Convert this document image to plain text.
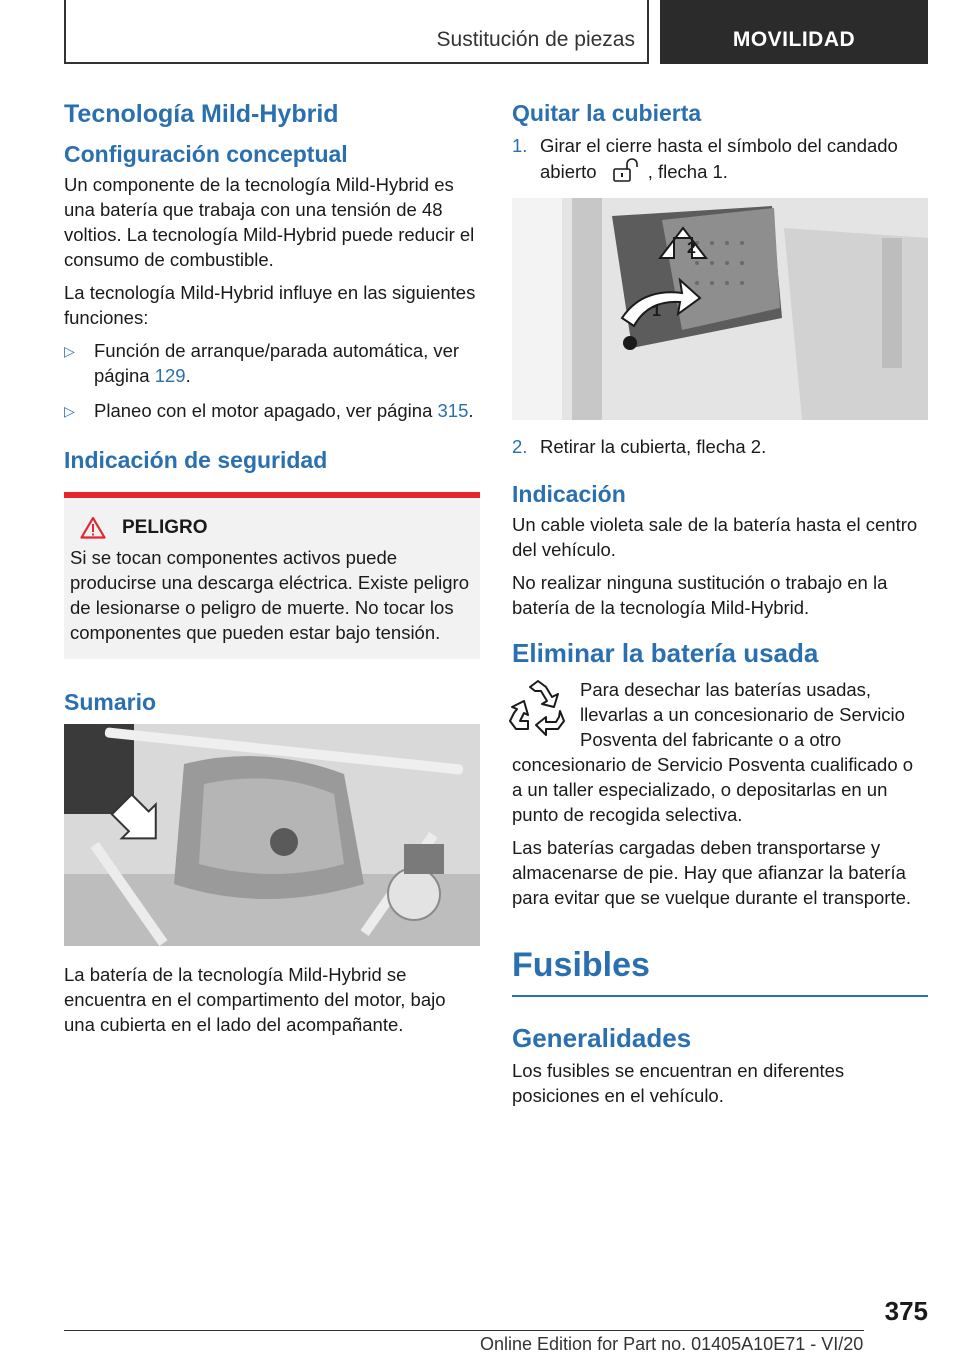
Sustitución de piezas	MOVILIDAD
Tecnología Mild-Hybrid
Configuración conceptual

Un componente de la tecnología Mild-Hybrid es una batería que trabaja con una tensión de 48 voltios. La tecnología Mild-Hybrid puede reducir el consumo de combustible.

La tecnología Mild-Hybrid influye en las siguientes funciones:

▷ Función de arranque/parada automática, ver página 129.
▷ Planeo con el motor apagado, ver página 315.
Indicación de seguridad
PELIGRO

Si se tocan componentes activos puede producirse una descarga eléctrica. Existe peligro de lesionarse o peligro de muerte. No tocar los componentes que pueden estar bajo tensión.

Sumario

La batería de la tecnología Mild-Hybrid se encuentra en el compartimento del motor, bajo una cubierta en el lado del acompañante.

Quitar la cubierta
1. Girar el cierre hasta el símbolo del candado abierto	, flecha 1.
2
1
2. Retirar la cubierta, flecha 2.
Indicación

Un cable violeta sale de la batería hasta el centro del vehículo.

No realizar ninguna sustitución o trabajo en la batería de la tecnología Mild-Hybrid.

Eliminar la batería usada

Para desechar las baterías usadas, llevarlas a un concesionario de Servicio Posventa del fabricante o a otro concesionario de Servicio Posventa cualificado o a un taller especializado, o depositarlas en un punto de recogida selectiva.

Las baterías cargadas deben transportarse y almacenarse de pie. Hay que afianzar la batería para evitar que se vuelque durante el transporte.

Fusibles
Generalidades

Los fusibles se encuentran en diferentes posiciones en el vehículo.

375
Online Edition for Part no. 01405A10E71 - VI/20
